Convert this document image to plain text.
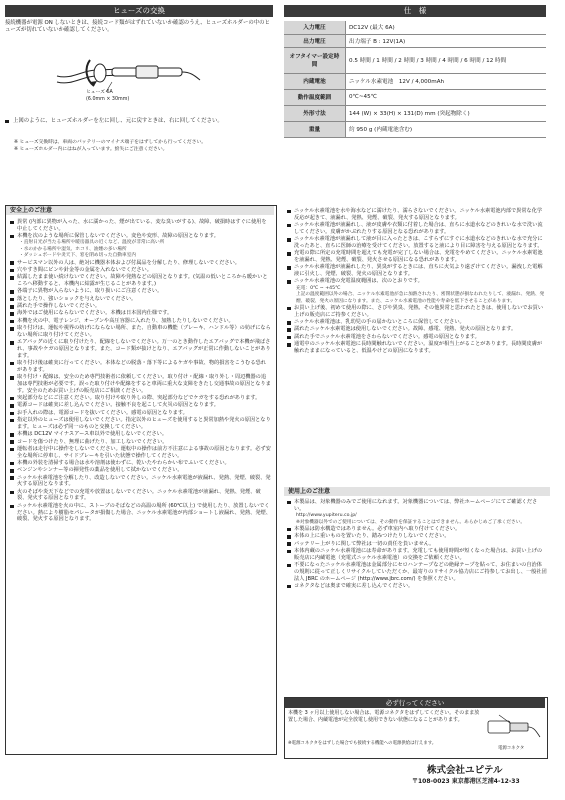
ヒューズの交換

接続機器が電源 ON しないときは、接続コード類がはずれていないか確認のうえ、ヒューズホルダーの中のヒューズが切れていないか確認してください。

ヒューズ 6A
(6.0mm × 30mm)
上図のように、ヒューズホルダーを左に回し、元に戻すときは、右に回してください。
※ ヒューズ交換時は、車両のバッテリーのマイナス端子をはずしてから行ってください。
※ ヒューズホルダー内にはねが入っています。紛失にご注意ください。
仕　様
入力電圧	DC12V (最大 6A)
出力電圧	出力端子 B : 12V(1A)
オフタイマー設定時間	0.5 時間 / 1 時間 / 2 時間 / 3 時間 / 4 時間 / 6 時間 / 12 時間
内蔵電池	ニッケル水素電池　12V / 4,000mAh
動作温度範囲	0℃~45℃
外形寸法	144 (W) × 33(H) × 131(D) mm (突起物除く)
重量	約 950 g (内蔵電池含む)
安全上のご注意
異常 (内部に異物が入った、水に濡かった、煙が出ている、変な臭いがする)、故障、破損時はすぐに使用を中止してください。
本機を次のような場所に保管しないでください。変色や変形、故障の原因となります。
・直射日光が当たる場所や暖房器具の近くなど、温度が非常に高い所
・水のかかる場所や湿気、ホコリ、油煙の多い場所
・ダッシュボードや炎天下、窓を閉め切った自動車室内
サービスマン以外の人は、絶対に機器本体および付属品を分解したり、修理しないでください。
穴やすき間にピンや針金等の金属を入れないでください。
結露したまま使い続けないでください。故障や発熱などの原因となります。(気温の低いところから暖かいところへ移動すると、本機内に結露が生じることがあります。)
各端子に異物が入らないように、取り扱いにご注意ください。
落としたり、強いショックを与えないでください。
濡れた手で操作しないでください。
海外ではご使用にならないでください。本機は日本国内仕様です。
本機を火の中、電子レンジ、オーブンや高圧容器に入れたり、加熱したりしないでください。
取り付けは、運転や視界の妨げにならない場所、また、自動車の機能（ブレーキ、ハンドル等）の妨げにならない場所に取り付けてください。
エアバッグの近くに取り付けたり、配線をしないでください。万一のとき動作したエアバッグで本機が飛ばされ、事故やケガの原因となります。また、コード類が抜けとなり、エアバッグが正常に作動しないことがあります。
取り付け後は確実に行ってください。本体などの脱落・落下等によるケガや事故、物的損害をこうむる恐れがあります。
取り付け・配線は、安全のため専門技術者に依頼してください。取り付け・配線・取り外し・周辺機器の追加は専門技術が必要です。誤った取り付けや配線をすると車両に重大な支障をきたし交通事故の原因となります。安全のためお買い上げの販売店にご相談ください。
突起部分などにご注意ください。取り付けや取り外しの際、突起部分などでケガをする恐れがあります。
電源コードは確実に差し込んでください。接触不良を起こして火災の原因となります。
お手入れの際は、電源コードを抜いてください。感電の原因となります。
指定以外のヒューズは使用しないでください。指定以外のヒューズを使用すると異常加熱や発火の原因となります。ヒューズは必ず同一のものと交換してください。
本機は DC12V マイナスアース車以外で使用しないでください。
コードを傷つけたり、無理に曲げたり、加工しないでください。
運転者は走行中に操作をしないでください。運転中の操作は前方不注意による事故の原因となります。必ず安全な場所に停車し、サイドブレーキを引いた状態で操作してください。
本機の外装を清掃する場合は水や溶剤は使わずに、乾いたやわらかい布でふいてください。
ベンジンやシンナー等の揮発性の薬品を使用して拭かないでください。
ニッケル水素電池を分解したり、改造しないでください。ニッケル水素電池が液漏れ、発熱、発煙、破裂、発火する原因となります。
火のそばや炎天下などでの充電や放置はしないでください。ニッケル水素電池が液漏れ、発熱、発煙、破裂、発火する原因となります。
ニッケル水素電池を火の中に、ストーブのそばなどの高温の場所 (60℃以上) で使用したり、放置しないでください。熱により樹脂セパレータが損傷した場合、ニッケル水素電池が内部ショートし液漏れ、発熱、発煙、破裂、発火する原因となります。
ニッケル水素電池を水や海水などに濡けたり、濡らさないでください。ニッケル水素電池内部で異常な化学反応が起きて、液漏れ、発熱、発煙、破裂、発火する原因となります。
ニッケル水素電池が液漏れし、液が皮膚や衣類に付着した場合は、直ちに水道水などのきれいな水で洗い流してください。皮膚がかぶれたりする原因となる恐れがあります。
ニッケル水素電池が液漏れして液が目に入ったときは、こすらずにすぐに水道水などのきれいな水で充分に洗ったあと、直ちに医師の治療を受けてください。放置すると液により目に障害を与える原因となります。
充電の際に所定の充電時間を超えても充電が完了しない場合は、充電をやめてください。ニッケル水素電池を液漏れ、発熱、発煙、破裂、発火させる原因になる恐れがあります。
ニッケル水素電池が液漏れしたり、異臭がするときには、直ちに火気より遠ざけてください。漏洩した電解液に引火し、発煙、破裂、発火の原因となります。
ニッケル水素電池の充電温度範囲は、次のとおりです。
充電：0℃ ~ +45℃
上記の温度範囲以外の場合、ニッケル水素電池が急に加熱されたり、密閉状態が損なわれたりして、液漏れ、発熱、発煙、破裂、発火の原因になります。また、ニッケル水素電池の性能や寿命を低下させることがあります。
お買い上げ後、初めて使用の際に、さびや異臭、発熱、その他異常と思われたときは、使用しないでお買い上げの販売店にご持参ください。
ニッケル水素電池は、乳幼児の手の届かないところに保管してください。
濡れたニッケル水素電池は使用しないでください。故障、感電、発熱、発火の原因となります。
濡れた手でニッケル水素電池をさわらないでください。感電の原因となります。
通電中のニッケル水素電池に長時間触れないでください。温度が相当上がることがあります。長時間皮膚が触れたままになっていると、低温やけどの原因になります。
使用上のご注意
本製品は、対象機器のみでご使用になれます。対象機器については、弊社ホームページにてご確認ください。
http://www.yupiteru.co.jp/
※対象機器以外でのご使用については、その動作を保証することはできません。あらかじめご了承ください。
本製品は防水構造ではありません。必ず車室内へ取り付けてください。
本体の上に重いものを置いたり、踏みつけたりしないでください。
バッテリー上がりに関して弊社は一切の責任を負いません。
本体内蔵のニッケル水素電池には寿命があります。充電しても使用時間が短くなった場合は、お買い上げの販売店に内蔵電池（充電式ニッケル水素電池）の交換をご依頼ください。
不要になったニッケル水素電池は金属部分にセロハンテープなどの絶縁テープを貼って、お住まいの自治体の規則に従って正しくリサイクルしていただくか、最寄りのリサイクル協力店にご持参してお出し、一般社団法人 JBRC のホームページ (http://www.jbrc.com/) を参照ください。
コネクタなどは奥まで確実に差し込んでください。
必ず行ってください

本機を 3 ヶ月以上使用しない場合は、電源コネクタをはずしてください。そのまま放置した場合、内蔵電池が完全放電し使用できない状態になることがあります。

※電源コネクタをはずした場合でも接続する機能への電源供給は行えます。

電源コネクタ
株式会社ユピテル
〒108-0023 東京都港区芝浦4-12-33
